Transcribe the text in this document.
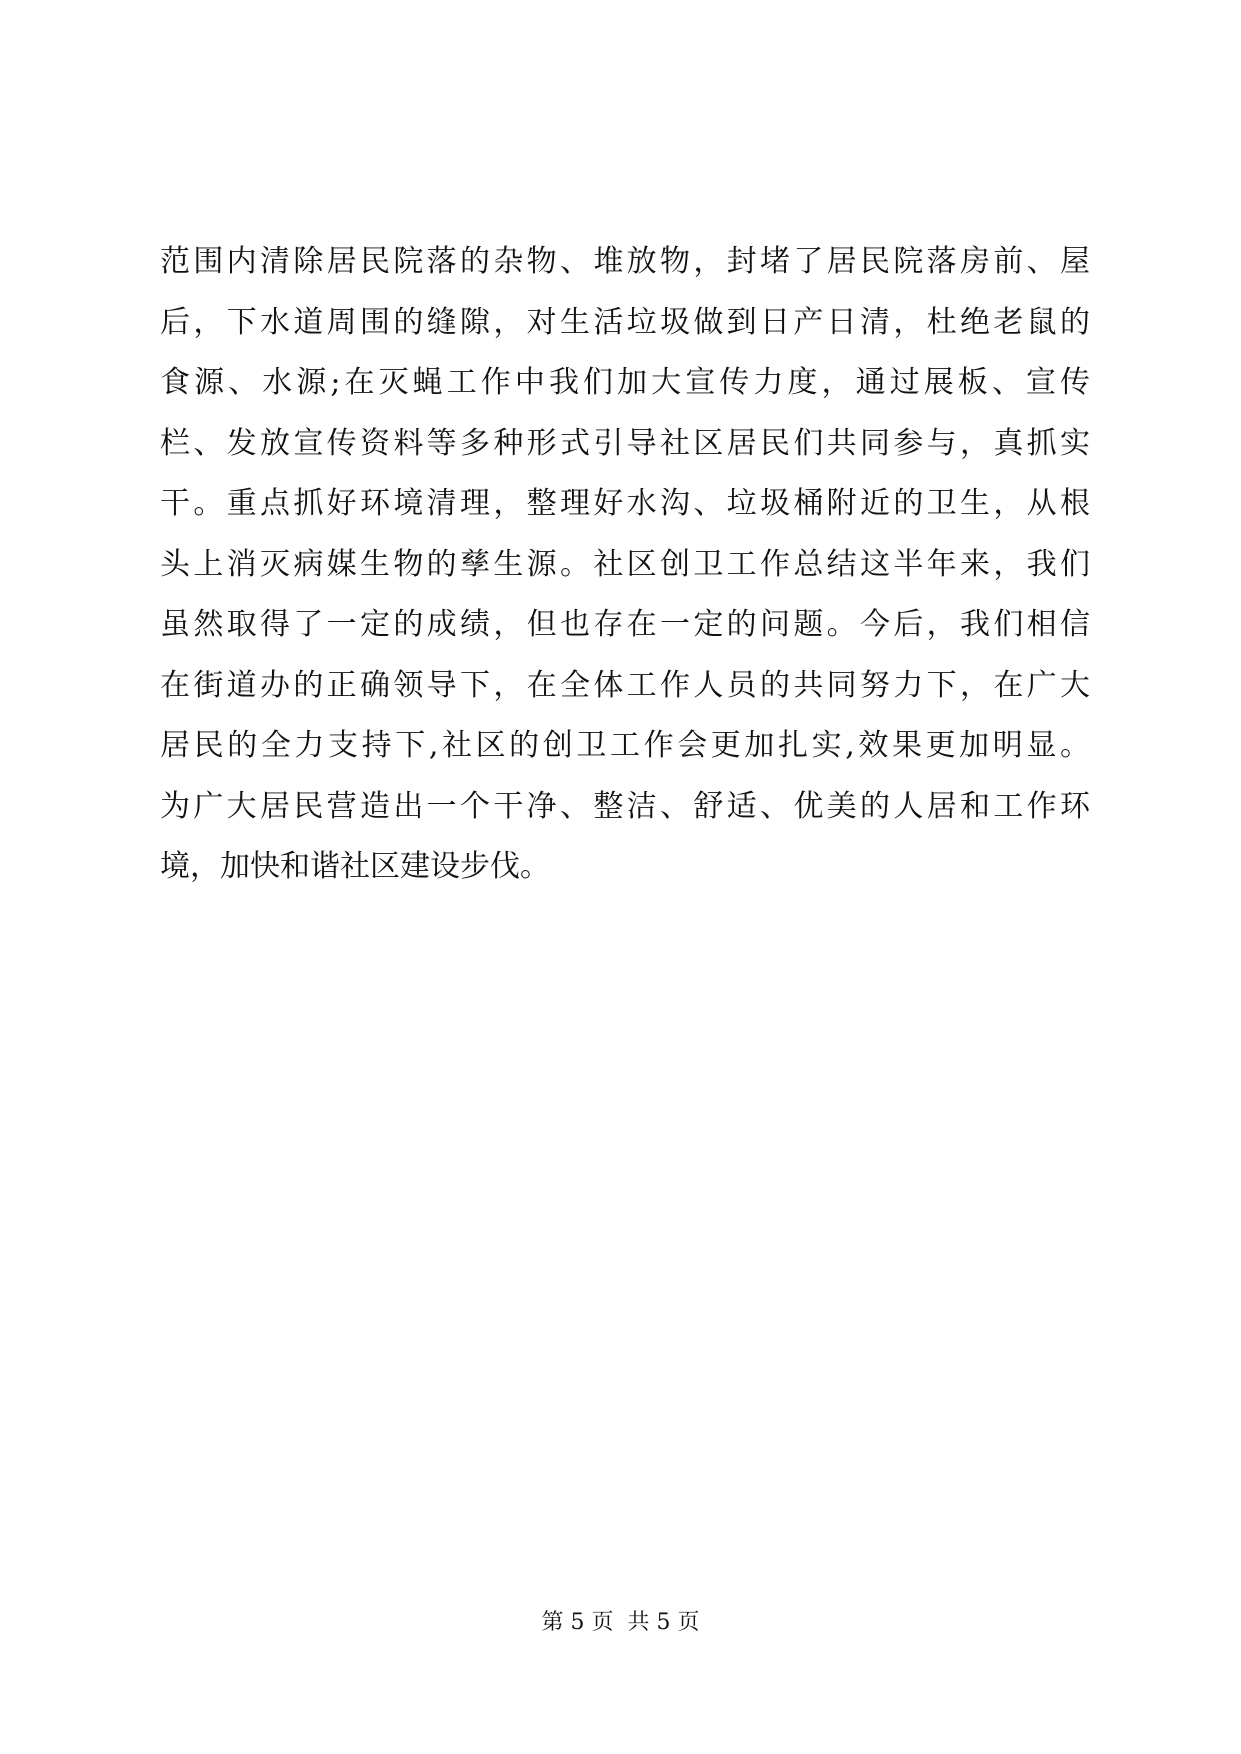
范围内清除居民院落的杂物、堆放物，封堵了居民院落房前、屋
后，下水道周围的缝隙，对生活垃圾做到日产日清，杜绝老鼠的
食源、水源;在灭蝇工作中我们加大宣传力度，通过展板、宣传
栏、发放宣传资料等多种形式引导社区居民们共同参与，真抓实
干。重点抓好环境清理，整理好水沟、垃圾桶附近的卫生，从根
头上消灭病媒生物的孳生源。社区创卫工作总结这半年来，我们
虽然取得了一定的成绩，但也存在一定的问题。今后，我们相信
在街道办的正确领导下，在全体工作人员的共同努力下，在广大
居民的全力支持下,社区的创卫工作会更加扎实,效果更加明显。
为广大居民营造出一个干净、整洁、舒适、优美的人居和工作环
境，加快和谐社区建设步伐。
第 5 页 共 5 页
